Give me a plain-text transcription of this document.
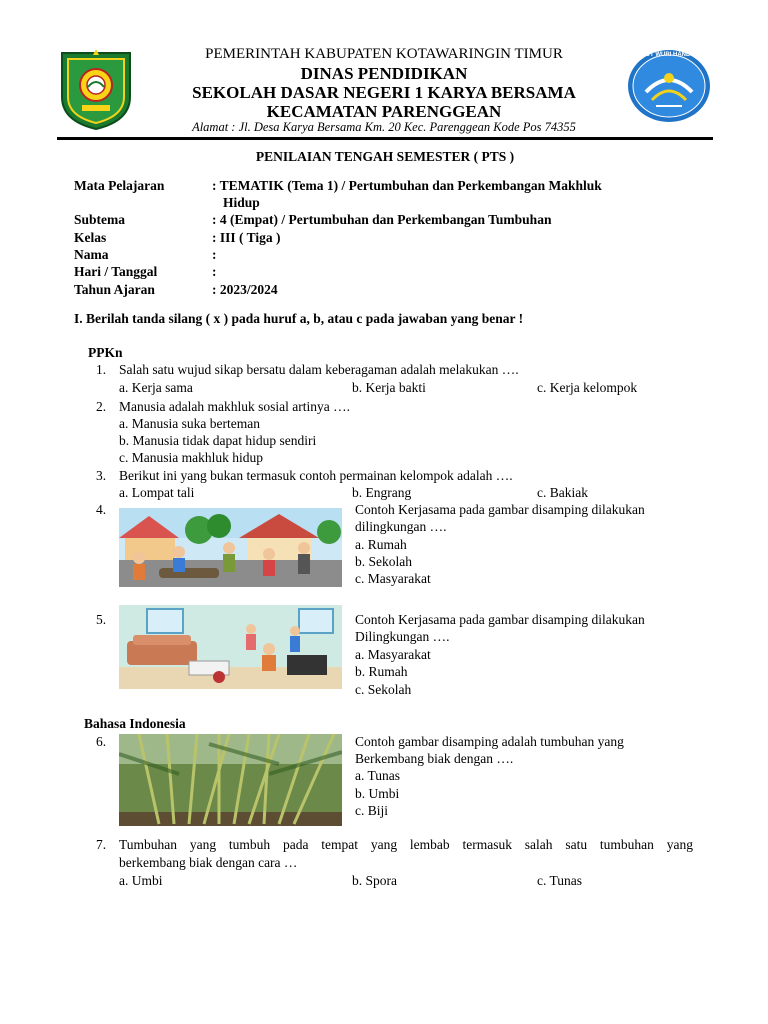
TUT WURI HANDAYANI
PEMERINTAH KABUPATEN KOTAWARINGIN TIMUR
DINAS PENDIDIKAN
SEKOLAH DASAR NEGERI 1 KARYA BERSAMA
KECAMATAN PARENGGEAN
Alamat : Jl. Desa Karya Bersama Km. 20 Kec. Parenggean Kode Pos 74355
PENILAIAN TENGAH SEMESTER ( PTS )
Mata Pelajaran	: TEMATIK (Tema 1) / Pertumbuhan dan Perkembangan Makhluk
Hidup
Subtema	: 4 (Empat) / Pertumbuhan dan Perkembangan Tumbuhan
Kelas	: III ( Tiga )
Nama	:
Hari / Tanggal	:
Tahun Ajaran	: 2023/2024
I. Berilah tanda silang ( x ) pada huruf a, b, atau c pada jawaban yang benar !
PPKn
1. Salah satu wujud sikap bersatu dalam keberagaman adalah melakukan ….
a. Kerja sama	b. Kerja bakti	c. Kerja kelompok
2. Manusia adalah makhluk sosial artinya ….
a. Manusia suka berteman
b. Manusia tidak dapat hidup sendiri
c. Manusia makhluk hidup
3. Berikut ini yang bukan termasuk contoh permainan kelompok adalah ….
a. Lompat tali	b. Engrang	c. Bakiak
4.	Contoh Kerjasama pada gambar disamping dilakukan
dilingkungan ….
a. Rumah
b. Sekolah
c. Masyarakat
5.	Contoh Kerjasama pada gambar disamping dilakukan
Dilingkungan ….
a. Masyarakat
b. Rumah
c. Sekolah
Bahasa Indonesia
6.	Contoh gambar disamping adalah tumbuhan yang
Berkembang biak dengan ….
a. Tunas
b. Umbi
c. Biji
7. Tumbuhan yang tumbuh pada tempat yang lembab termasuk salah satu tumbuhan yang
berkembang biak dengan cara …
a. Umbi	b. Spora	c. Tunas
